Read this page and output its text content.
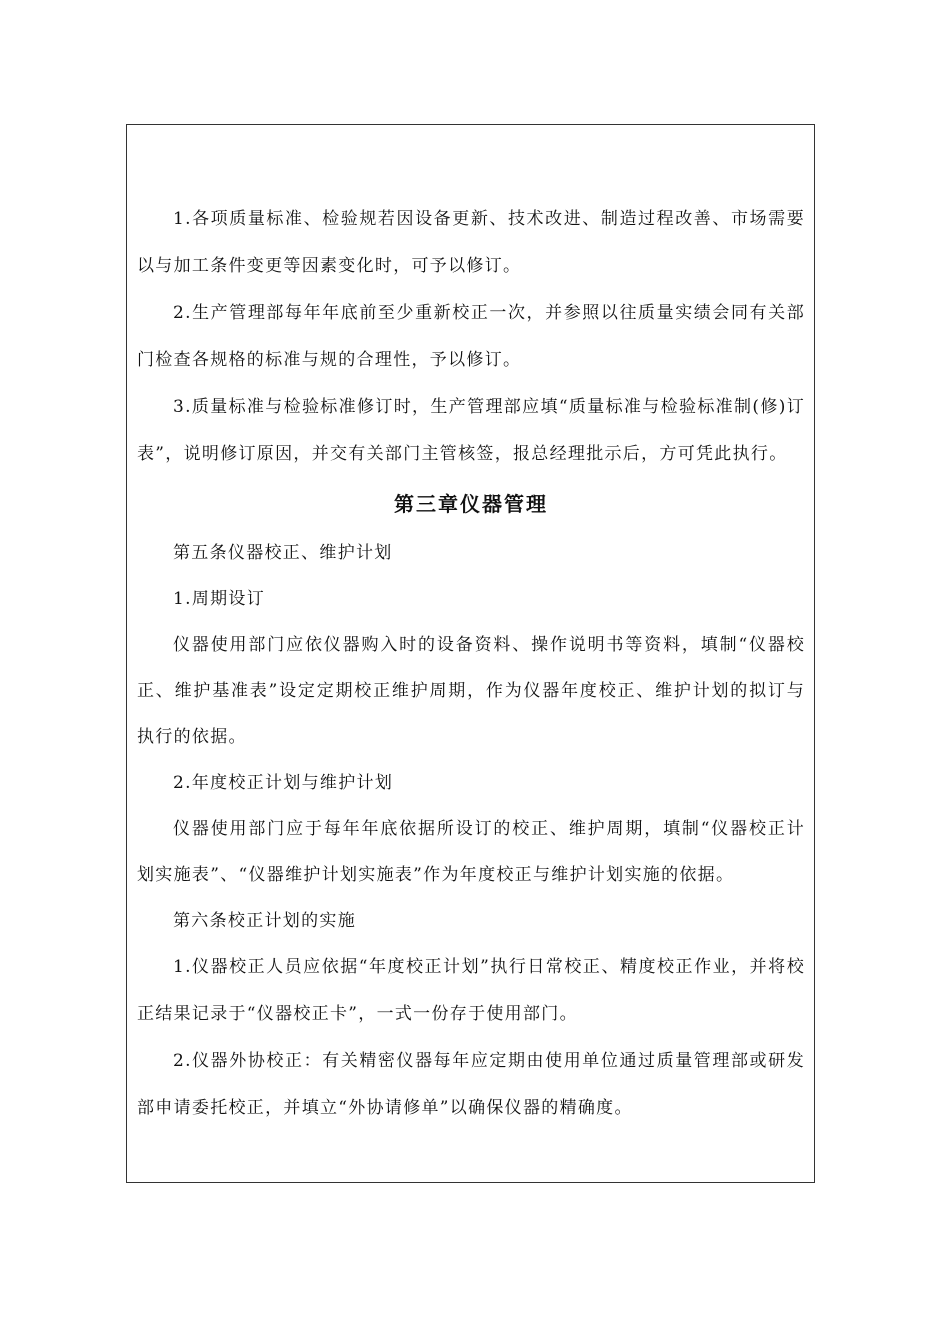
1.各项质量标准、检验规若因设备更新、技术改进、制造过程改善、市场需要以与加工条件变更等因素变化时，可予以修订。

2.生产管理部每年年底前至少重新校正一次，并参照以往质量实绩会同有关部门检查各规格的标准与规的合理性，予以修订。

3.质量标准与检验标准修订时，生产管理部应填“质量标准与检验标准制(修)订表”，说明修订原因，并交有关部门主管核签，报总经理批示后，方可凭此执行。

第三章仪器管理

第五条仪器校正、维护计划

1.周期设订

仪器使用部门应依仪器购入时的设备资料、操作说明书等资料，填制“仪器校正、维护基准表”设定定期校正维护周期，作为仪器年度校正、维护计划的拟订与执行的依据。

2.年度校正计划与维护计划

仪器使用部门应于每年年底依据所设订的校正、维护周期，填制“仪器校正计划实施表”、“仪器维护计划实施表”作为年度校正与维护计划实施的依据。

第六条校正计划的实施

1.仪器校正人员应依据“年度校正计划”执行日常校正、精度校正作业，并将校正结果记录于“仪器校正卡”，一式一份存于使用部门。

2.仪器外协校正：有关精密仪器每年应定期由使用单位通过质量管理部或研发部申请委托校正，并填立“外协请修单”以确保仪器的精确度。
